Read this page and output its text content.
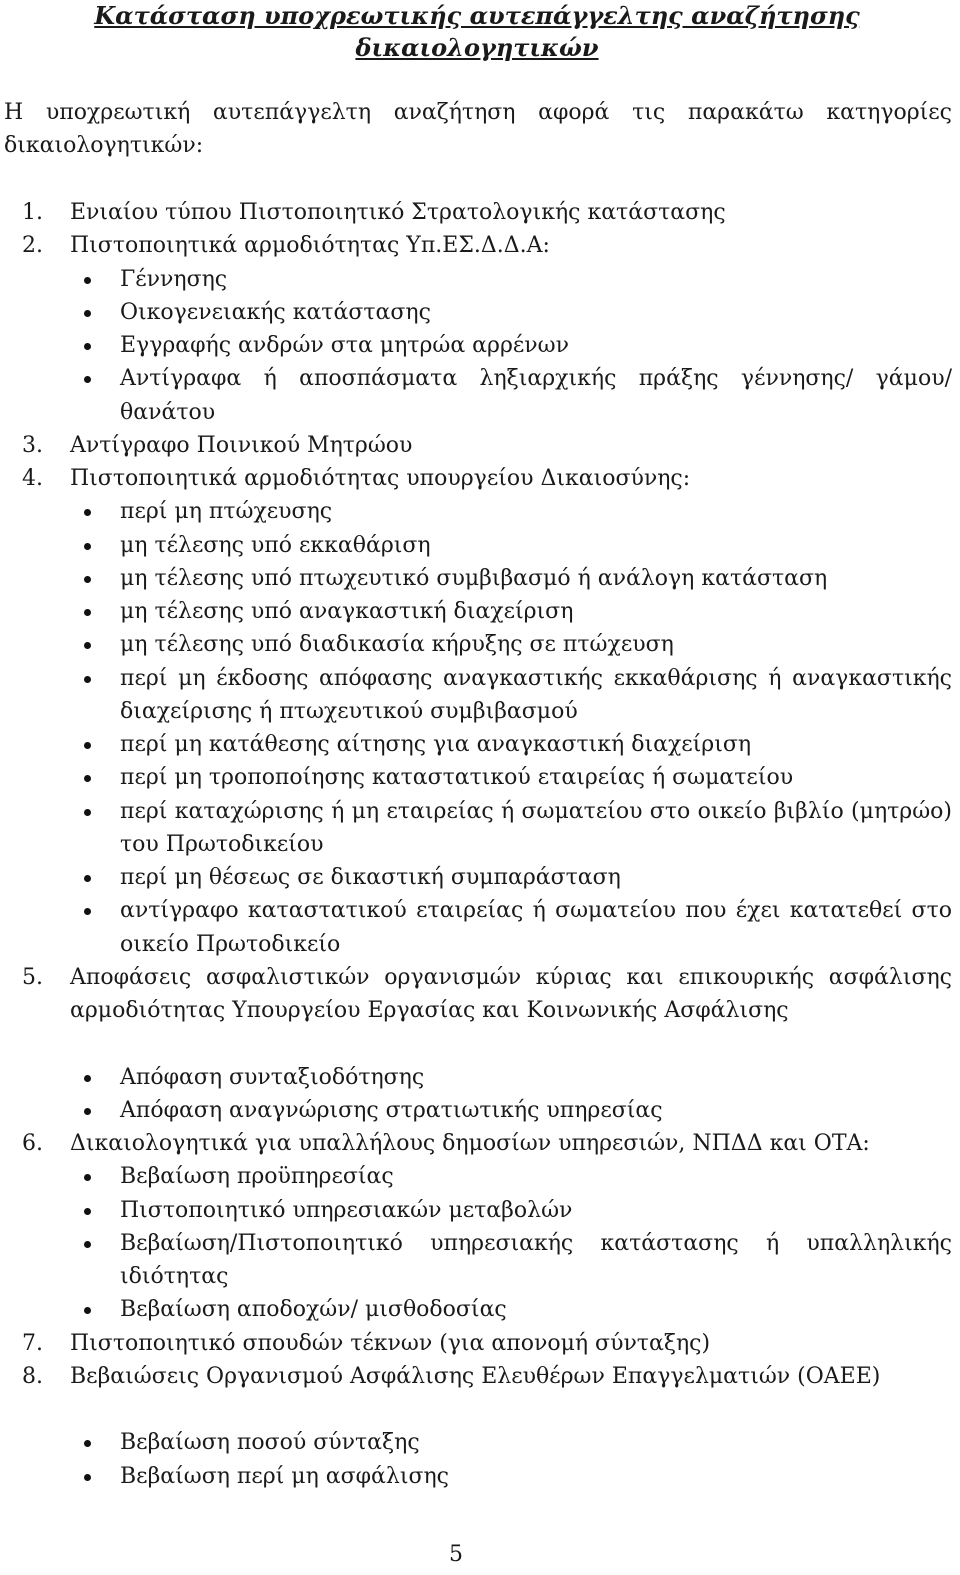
Κατάσταση υποχρεωτικής αυτεπάγγελτης αναζήτησης
δικαιολογητικών
Η υποχρεωτική αυτεπάγγελτη αναζήτηση αφορά τις παρακάτω κατηγορίες
δικαιολογητικών:
1. Ενιαίου τύπου Πιστοποιητικό Στρατολογικής κατάστασης
2. Πιστοποιητικά αρμοδιότητας Υπ.ΕΣ.Δ.Δ.Α:
Γέννησης
Οικογενειακής κατάστασης
Εγγραφής ανδρών στα μητρώα αρρένων
Αντίγραφα ή αποσπάσματα ληξιαρχικής πράξης γέννησης/ γάμου/θανάτου
3. Αντίγραφο Ποινικού Μητρώου
4. Πιστοποιητικά αρμοδιότητας υπουργείου Δικαιοσύνης:
περί μη πτώχευσης
μη τέλεσης υπό εκκαθάριση
μη τέλεσης υπό πτωχευτικό συμβιβασμό ή ανάλογη κατάσταση
μη τέλεσης υπό αναγκαστική διαχείριση
μη τέλεσης υπό διαδικασία κήρυξης σε πτώχευση
περί μη έκδοσης απόφασης αναγκαστικής εκκαθάρισης ή αναγκαστικής διαχείρισης ή πτωχευτικού συμβιβασμού
περί μη κατάθεσης αίτησης για αναγκαστική διαχείριση
περί μη τροποποίησης καταστατικού εταιρείας ή σωματείου
περί καταχώρισης ή μη εταιρείας ή σωματείου στο οικείο βιβλίο (μητρώο) του Πρωτοδικείου
περί μη θέσεως σε δικαστική συμπαράσταση
αντίγραφο καταστατικού εταιρείας ή σωματείου που έχει κατατεθεί στο οικείο Πρωτοδικείο
5. Αποφάσεις ασφαλιστικών οργανισμών κύριας και επικουρικής ασφάλισης αρμοδιότητας Υπουργείου Εργασίας και Κοινωνικής Ασφάλισης
Απόφαση συνταξιοδότησης
Απόφαση αναγνώρισης στρατιωτικής υπηρεσίας
6. Δικαιολογητικά για υπαλλήλους δημοσίων υπηρεσιών, ΝΠΔΔ και ΟΤΑ:
Βεβαίωση προϋπηρεσίας
Πιστοποιητικό υπηρεσιακών μεταβολών
Βεβαίωση/Πιστοποιητικό υπηρεσιακής κατάστασης ή υπαλληλικής ιδιότητας
Βεβαίωση αποδοχών/ μισθοδοσίας
7. Πιστοποιητικό σπουδών τέκνων (για απονομή σύνταξης)
8. Βεβαιώσεις Οργανισμού Ασφάλισης Ελευθέρων Επαγγελματιών (ΟΑΕΕ)
Βεβαίωση ποσού σύνταξης
Βεβαίωση περί μη ασφάλισης
5
